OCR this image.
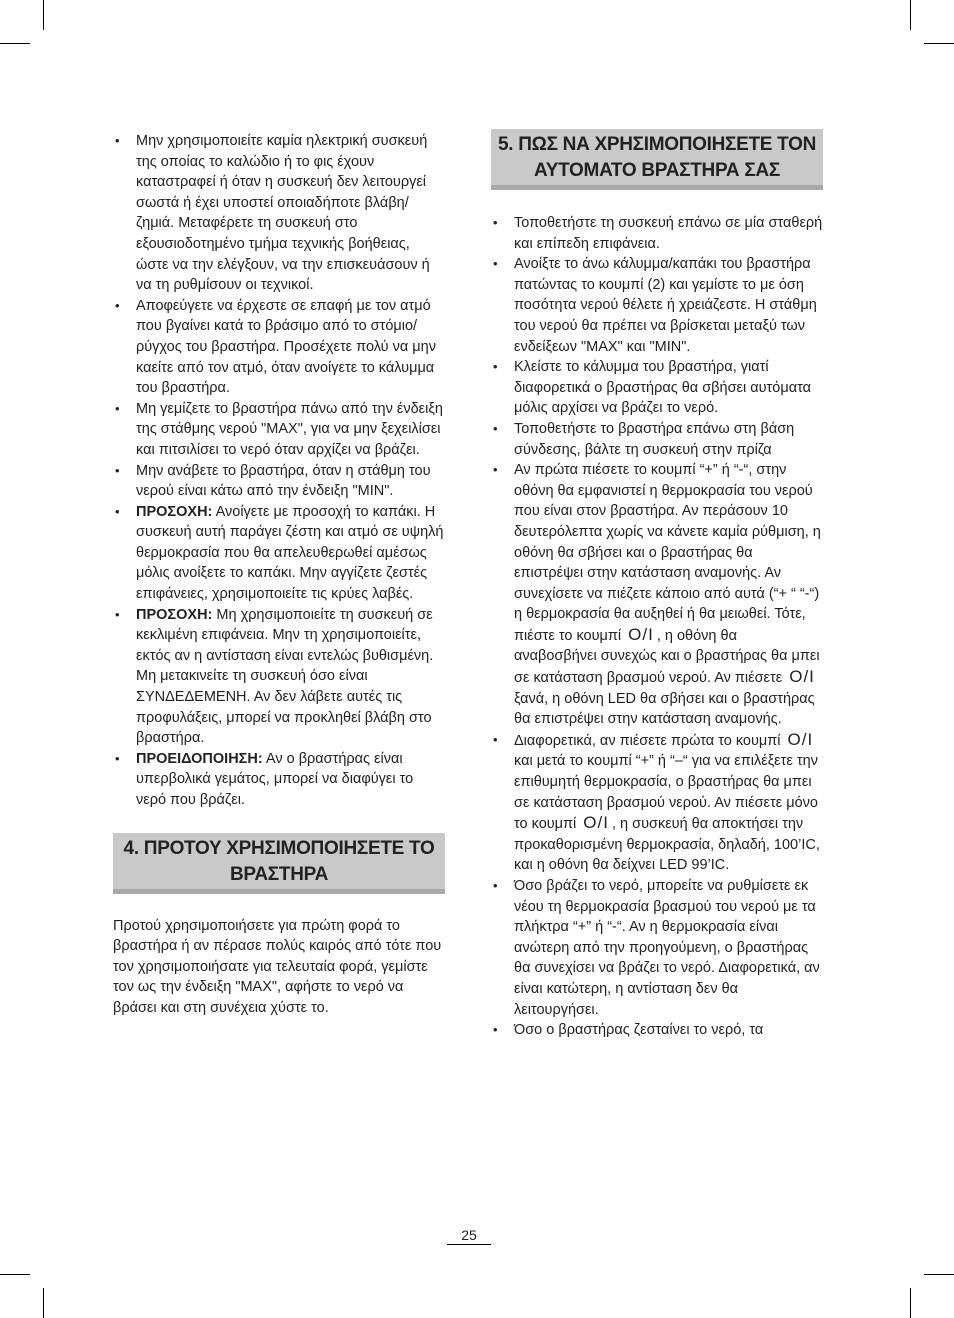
• Μην χρησιμοποιείτε καμία ηλεκτρική συσκευή της οποίας το καλώδιο ή το φις έχουν καταστραφεί ή όταν η συσκευή δεν λειτουργεί σωστά ή έχει υποστεί οποιαδήποτε βλάβη/ ζημιά. Μεταφέρετε τη συσκευή στο εξουσιοδοτημένο τμήμα τεχνικής βοήθειας, ώστε να την ελέγξουν, να την επισκευάσουν ή να τη ρυθμίσουν οι τεχνικοί.
• Αποφεύγετε να έρχεστε σε επαφή με τον ατμό που βγαίνει κατά το βράσιμο από το στόμιο/ρύγχος του βραστήρα. Προσέχετε πολύ να μην καείτε από τον ατμό, όταν ανοίγετε το κάλυμμα του βραστήρα.
• Μη γεμίζετε το βραστήρα πάνω από την ένδειξη της στάθμης νερού "MAX", για να μην ξεχειλίσει και πιτσιλίσει το νερό όταν αρχίζει να βράζει.
• Μην ανάβετε το βραστήρα, όταν η στάθμη του νερού είναι κάτω από την ένδειξη "MIN".
• ΠΡΟΣΟΧΗ: Ανοίγετε με προσοχή το καπάκι. Η συσκευή αυτή παράγει ζέστη και ατμό σε υψηλή θερμοκρασία που θα απελευθερωθεί αμέσως μόλις ανοίξετε το καπάκι. Μην αγγίζετε ζεστές επιφάνειες, χρησιμοποιείτε τις κρύες λαβές.
• ΠΡΟΣΟΧΗ: Μη χρησιμοποιείτε τη συσκευή σε κεκλιμένη επιφάνεια. Μην τη χρησιμοποιείτε, εκτός αν η αντίσταση είναι εντελώς βυθισμένη. Μη μετακινείτε τη συσκευή όσο είναι ΣΥΝΔΕΔΕΜΕΝΗ. Αν δεν λάβετε αυτές τις προφυλάξεις, μπορεί να προκληθεί βλάβη στο βραστήρα.
• ΠΡΟΕΙΔΟΠΟΙΗΣΗ: Αν ο βραστήρας είναι υπερβολικά γεμάτος, μπορεί να διαφύγει το νερό που βράζει.
4. ΠΡΟΤΟΥ ΧΡΗΣΙΜΟΠΟΙΗΣΕΤΕ ΤΟ
ΒΡΑΣΤΗΡΑ

Προτού χρησιμοποιήσετε για πρώτη φορά το βραστήρα ή αν πέρασε πολύς καιρός από τότε που τον χρησιμοποιήσατε για τελευταία φορά, γεμίστε τον ως την ένδειξη "MAX", αφήστε το νερό να βράσει και στη συνέχεια χύστε το.

5. ΠΩΣ ΝΑ ΧΡΗΣΙΜΟΠΟΙΗΣΕΤΕ ΤΟΝ
ΑΥΤΟΜΑΤΟ ΒΡΑΣΤΗΡΑ ΣΑΣ
• Τοποθετήστε τη συσκευή επάνω σε μία σταθερή και επίπεδη επιφάνεια.
• Ανοίξτε το άνω κάλυμμα/καπάκι του βραστήρα πατώντας το κουμπί (2) και γεμίστε το με όση ποσότητα νερού θέλετε ή χρειάζεστε. Η στάθμη του νερού θα πρέπει να βρίσκεται μεταξύ των ενδείξεων "MAX" και "MIN".
• Κλείστε το κάλυμμα του βραστήρα, γιατί διαφορετικά ο βραστήρας θα σβήσει αυτόματα μόλις αρχίσει να βράζει το νερό.
• Τοποθετήστε το βραστήρα επάνω στη βάση σύνδεσης, βάλτε τη συσκευή στην πρίζα
• Αν πρώτα πιέσετε το κουμπί “+” ή “-“, στην οθόνη θα εμφανιστεί η θερμοκρασία του νερού που είναι στον βραστήρα. Αν περάσουν 10 δευτερόλεπτα χωρίς να κάνετε καμία ρύθμιση, η οθόνη θα σβήσει και ο βραστήρας θα επιστρέψει στην κατάσταση αναμονής. Αν συνεχίσετε να πιέζετε κάποιο από αυτά (“+ “ “-“) η θερμοκρασία θα αυξηθεί ή θα μειωθεί. Τότε, πιέστε το κουμπί O/I , η οθόνη θα αναβοσβήνει συνεχώς και ο βραστήρας θα μπει σε κατάσταση βρασμού νερού. Αν πιέσετε O/I ξανά, η οθόνη LED θα σβήσει και ο βραστήρας θα επιστρέψει στην κατάσταση αναμονής.
• Διαφορετικά, αν πιέσετε πρώτα το κουμπί O/I και μετά το κουμπί “+” ή “–“ για να επιλέξετε την επιθυμητή θερμοκρασία, ο βραστήρας θα μπει σε κατάσταση βρασμού νερού. Αν πιέσετε μόνο το κουμπί O/I , η συσκευή θα αποκτήσει την προκαθορισμένη θερμοκρασία, δηλαδή, 100’IC, και η οθόνη θα δείχνει LED 99’IC.
• Όσο βράζει το νερό, μπορείτε να ρυθμίσετε εκ νέου τη θερμοκρασία βρασμού του νερού με τα πλήκτρα “+” ή “-“. Αν η θερμοκρασία είναι ανώτερη από την προηγούμενη, ο βραστήρας θα συνεχίσει να βράζει το νερό. Διαφορετικά, αν είναι κατώτερη, η αντίσταση δεν θα λειτουργήσει.
• Όσο ο βραστήρας ζεσταίνει το νερό, τα
25
